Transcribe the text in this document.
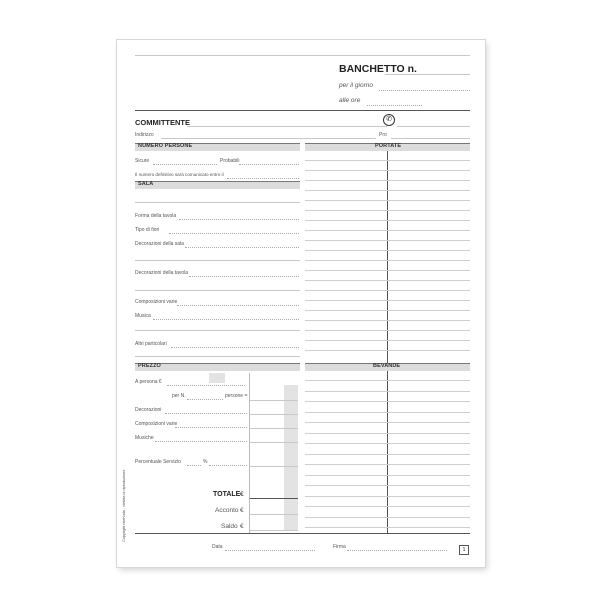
BANCHETTO n.
per il giorno
alle ore
COMMITTENTE	✆
Indirizzo	Pro
NUMERO PERSONE
Sicure	Probabili
Il numero definitivo sarà comunicato entro il
SALA
Forma della tavola
Tipo di fiori
Decorazioni della sala
Decorazioni della tavola
Composizioni varie
Musica
Altri particolari
PREZZO
A persona €
per N.	persone =
Decorazioni
Composizioni varie
Musiche
Percentuale Servizio	%
TOTALE €
Acconto €
Saldo €
Copyright riservata - vietata la riproduzione
PORTATE
BEVANDE
Data	Firma	1
